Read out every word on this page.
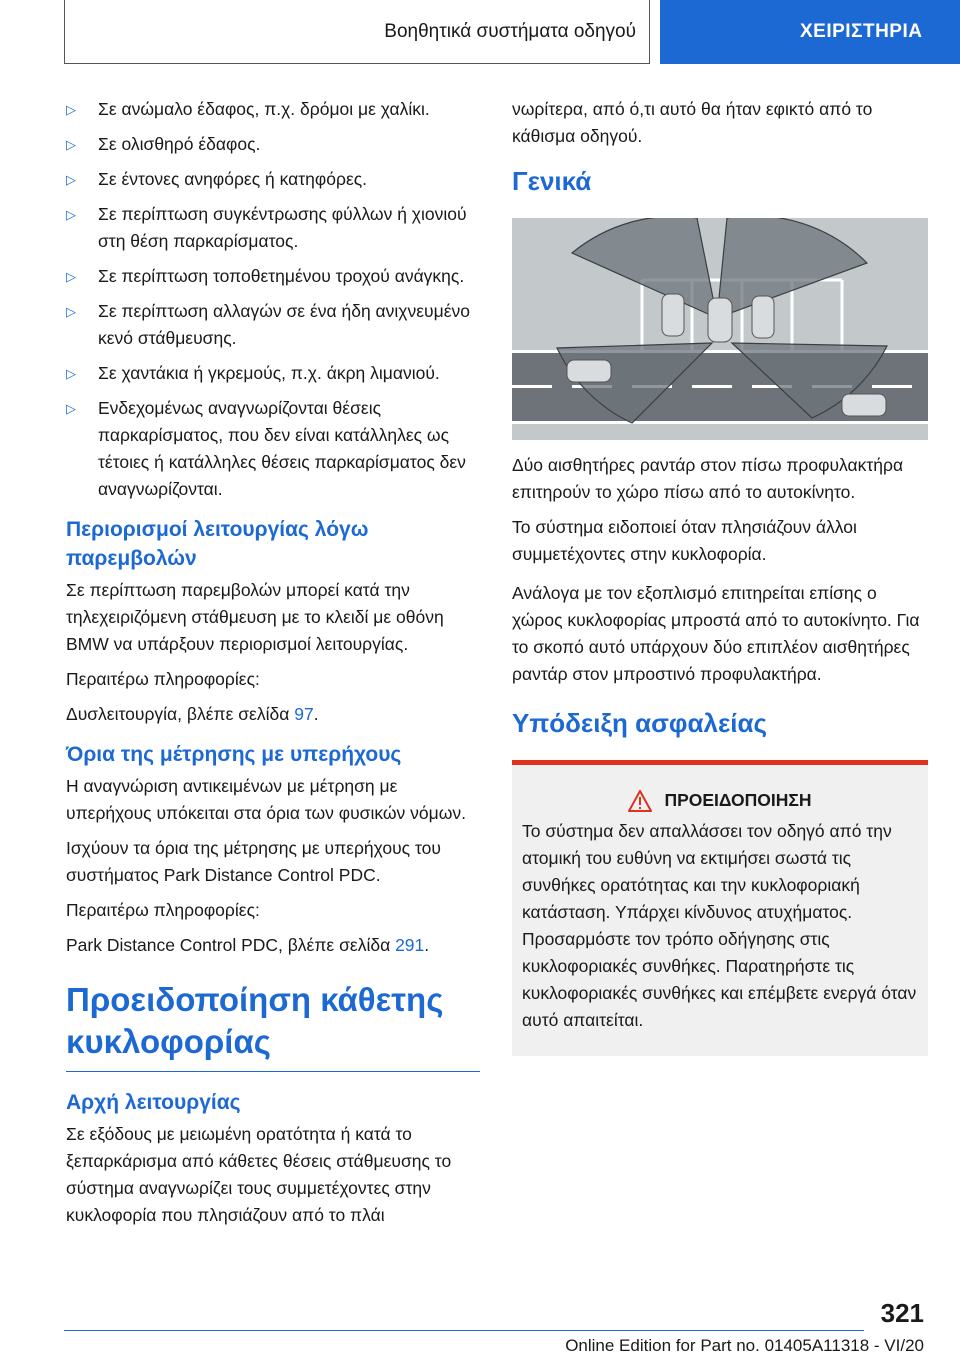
Βοηθητικά συστήματα οδηγού	ΧΕΙΡΙΣΤΗΡΙΑ
▷ Σε ανώμαλο έδαφος, π.χ. δρόμοι με χαλίκι.
▷ Σε ολισθηρό έδαφος.
▷ Σε έντονες ανηφόρες ή κατηφόρες.
▷ Σε περίπτωση συγκέντρωσης φύλλων ή χιονιού στη θέση παρκαρίσματος.
▷ Σε περίπτωση τοποθετημένου τροχού ανάγκης.
▷ Σε περίπτωση αλλαγών σε ένα ήδη ανιχνευμένο κενό στάθμευσης.
▷ Σε χαντάκια ή γκρεμούς, π.χ. άκρη λιμανιού.
▷ Ενδεχομένως αναγνωρίζονται θέσεις παρκαρίσματος, που δεν είναι κατάλληλες ως τέτοιες ή κατάλληλες θέσεις παρκαρίσματος δεν αναγνωρίζονται.
Περιορισμοί λειτουργίας λόγω παρεμβολών

Σε περίπτωση παρεμβολών μπορεί κατά την τηλεχειριζόμενη στάθμευση με το κλειδί με οθόνη BMW να υπάρξουν περιορισμοί λειτουργίας.

Περαιτέρω πληροφορίες:

Δυσλειτουργία, βλέπε σελίδα 97.

Όρια της μέτρησης με υπερήχους

Η αναγνώριση αντικειμένων με μέτρηση με υπερήχους υπόκειται στα όρια των φυσικών νόμων.

Ισχύουν τα όρια της μέτρησης με υπερήχους του συστήματος Park Distance Control PDC.

Περαιτέρω πληροφορίες:

Park Distance Control PDC, βλέπε σελίδα 291.

Προειδοποίηση κάθετης κυκλοφορίας
Αρχή λειτουργίας

Σε εξόδους με μειωμένη ορατότητα ή κατά το ξεπαρκάρισμα από κάθετες θέσεις στάθμευσης το σύστημα αναγνωρίζει τους συμμετέχοντες στην κυκλοφορία που πλησιάζουν από το πλάι

νωρίτερα, από ό,τι αυτό θα ήταν εφικτό από το κάθισμα οδηγού.

Γενικά

Δύο αισθητήρες ραντάρ στον πίσω προφυλακτήρα επιτηρούν το χώρο πίσω από το αυτοκίνητο.

Το σύστημα ειδοποιεί όταν πλησιάζουν άλλοι συμμετέχοντες στην κυκλοφορία.

Ανάλογα με τον εξοπλισμό επιτηρείται επίσης ο χώρος κυκλοφορίας μπροστά από το αυτοκίνητο. Για το σκοπό αυτό υπάρχουν δύο επιπλέον αισθητήρες ραντάρ στον μπροστινό προφυλακτήρα.

Υπόδειξη ασφαλείας
ΠΡΟΕΙΔΟΠΟΙΗΣΗ

Το σύστημα δεν απαλλάσσει τον οδηγό από την ατομική του ευθύνη να εκτιμήσει σωστά τις συνθήκες ορατότητας και την κυκλοφοριακή κατάσταση. Υπάρχει κίνδυνος ατυχήματος. Προσαρμόστε τον τρόπο οδήγησης στις κυκλοφοριακές συνθήκες. Παρατηρήστε τις κυκλοφοριακές συνθήκες και επέμβετε ενεργά όταν αυτό απαιτείται.

321
Online Edition for Part no. 01405A11318 - VI/20
